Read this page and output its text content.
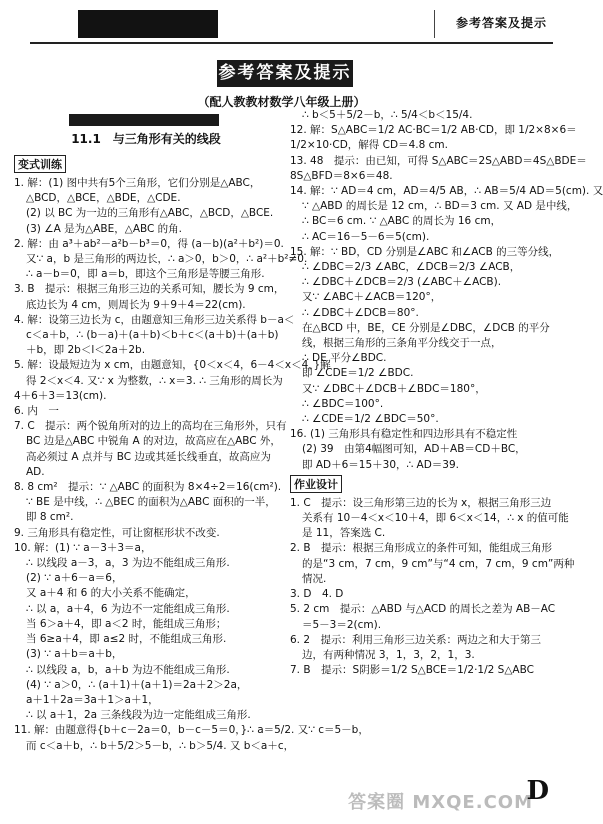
参考答案及提示
参考答案及提示
（配人教教材数学八年级上册）
11.1　与三角形有关的线段
变式训练
1. 解：(1) 图中共有5个三角形，它们分别是△ABC，
△BCD，△BCE，△BDE，△CDE.
(2) 以 BC 为一边的三角形有△ABC，△BCD，△BCE.
(3) ∠A 是为△ABE，△ABC 的角.
2. 解：由 a³＋ab²－a²b－b³＝0，得 (a－b)(a²＋b²)＝0.
又∵ a，b 是三角形的两边长，∴ a＞0，b＞0，∴ a²＋b²≠0.
∴ a－b＝0，即 a＝b，即这个三角形是等腰三角形.
3. B　提示：根据三角形三边的关系可知，腰长为 9 cm，
底边长为 4 cm，则周长为 9＋9＋4＝22(cm).
4. 解：设第三边长为 c，由题意知三角形三边关系得 b－a＜
c＜a＋b，∴ (b－a)＋(a＋b)＜b＋c＜(a＋b)＋(a＋b)
＋b，即 2b＜l＜2a＋2b.
5. 解：设最短边为 x cm，由题意知，{0＜x＜4，6－4＜x＜4，}解
得 2＜x＜4. 又∵ x 为整数，∴ x＝3. ∴ 三角形的周长为
4＋6＋3＝13(cm).
6. 内　一
7. C　提示：两个锐角所对的边上的高均在三角形外，只有
BC 边是△ABC 中锐角 A 的对边，故高应在△ABC 外，
高必须过 A 点并与 BC 边或其延长线垂直，故高应为
AD.
8. 8 cm²　提示：∵ △ABC 的面积为 8×4÷2＝16(cm²).
∵ BE 是中线，∴ △BEC 的面积为△ABC 面积的一半，
即 8 cm².
9. 三角形具有稳定性，可让窗框形状不改变.
10. 解：(1) ∵ a－3＋3＝a，
∴ 以线段 a－3，a，3 为边不能组成三角形.
(2) ∵ a＋6－a＝6，
又 a＋4 和 6 的大小关系不能确定，
∴ 以 a，a＋4，6 为边不一定能组成三角形.
当 6＞a＋4，即 a＜2 时，能组成三角形；
当 6≥a＋4，即 a≤2 时，不能组成三角形.
(3) ∵ a＋b＝a＋b，
∴ 以线段 a，b，a＋b 为边不能组成三角形.
(4) ∵ a＞0，∴ (a＋1)＋(a＋1)＝2a＋2＞2a，
a＋1＋2a＝3a＋1＞a＋1，
∴ 以 a＋1，2a 三条线段为边一定能组成三角形.
11. 解：由题意得{b＋c－2a＝0，b－c－5＝0，}∴ a＝5/2. 又∵ c＝5－b，
而 c＜a＋b，∴ b＋5/2＞5－b，∴ b＞5/4. 又 b＜a＋c，
∴ b＜5＋5/2－b，∴ 5/4＜b＜15/4.
12. 解：S△ABC＝1/2 AC·BC＝1/2 AB·CD，即 1/2×8×6＝
1/2×10·CD，解得 CD＝4.8 cm.
13. 48　提示：由已知，可得 S△ABC＝2S△ABD＝4S△BDE＝
8S△BFD＝8×6＝48.
14. 解：∵ AD＝4 cm，AD＝4/5 AB，∴ AB＝5/4 AD＝5(cm). 又
∵ △ABD 的周长是 12 cm，∴ BD＝3 cm. 又 AD 是中线，
∴ BC＝6 cm. ∵ △ABC 的周长为 16 cm，
∴ AC＝16－5－6＝5(cm).
15. 解：∵ BD，CD 分别是∠ABC 和∠ACB 的三等分线，
∴ ∠DBC＝2/3 ∠ABC，∠DCB＝2/3 ∠ACB，
∴ ∠DBC＋∠DCB＝2/3 (∠ABC＋∠ACB).
又∵ ∠ABC＋∠ACB＝120°，
∴ ∠DBC＋∠DCB＝80°.
在△BCD 中，BE，CE 分别是∠DBC，∠DCB 的平分
线，根据三角形的三条角平分线交于一点，
∴ DE 平分∠BDC.
即 ∠CDE＝1/2 ∠BDC.
又∵ ∠DBC＋∠DCB＋∠BDC＝180°，
∴ ∠BDC＝100°.
∴ ∠CDE＝1/2 ∠BDC＝50°.
16. (1) 三角形具有稳定性和四边形具有不稳定性
(2) 39　由第4幅图可知，AD＋AB＝CD＋BC，
即 AD＋6＝15＋30，∴ AD＝39.
作业设计
1. C　提示：设三角形第三边的长为 x，根据三角形三边
关系有 10－4＜x＜10＋4，即 6＜x＜14，∴ x 的值可能
是 11，答案选 C.
2. B　提示：根据三角形成立的条件可知，能组成三角形
的是“3 cm，7 cm，9 cm”与“4 cm，7 cm，9 cm”两种
情况.
3. D　4. D
5. 2 cm　提示：△ABD 与△ACD 的周长之差为 AB－AC
＝5－3＝2(cm).
6. 2　提示：利用三角形三边关系：两边之和大于第三
边，有两种情况 3，1，3，2，1，3.
7. B　提示：S阴影＝1/2 S△BCE＝1/2·1/2 S△ABC
答案圈 MXQE.COM
D
